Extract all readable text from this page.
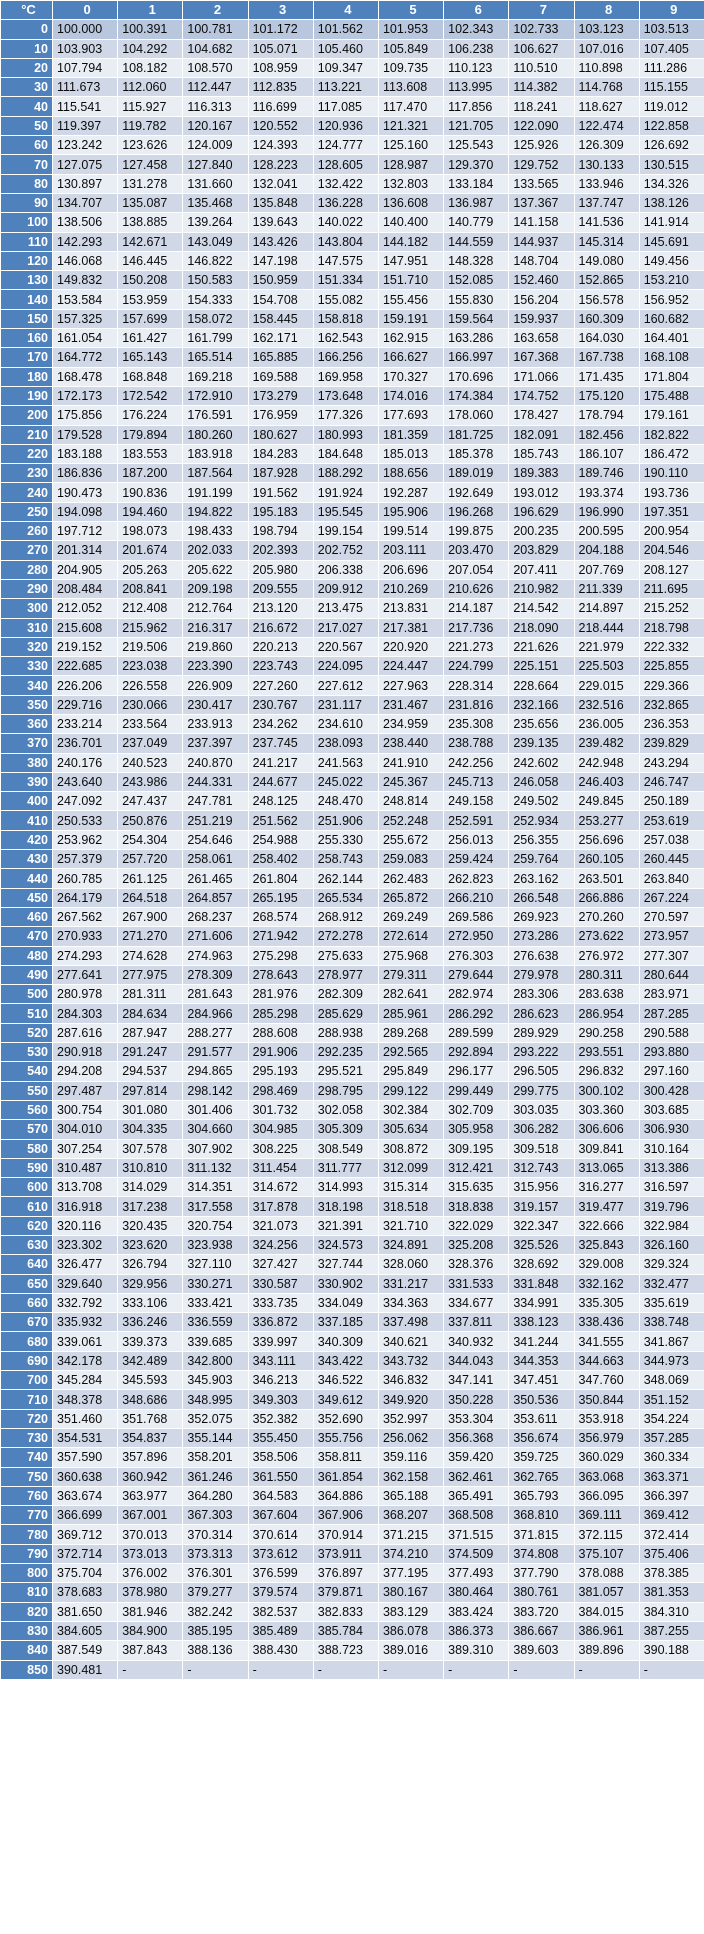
°C	0	1	2	3	4	5	6	7	8	9
0	100.000	100.391	100.781	101.172	101.562	101.953	102.343	102.733	103.123	103.513
10	103.903	104.292	104.682	105.071	105.460	105.849	106.238	106.627	107.016	107.405
20	107.794	108.182	108.570	108.959	109.347	109.735	110.123	110.510	110.898	111.286
30	111.673	112.060	112.447	112.835	113.221	113.608	113.995	114.382	114.768	115.155
40	115.541	115.927	116.313	116.699	117.085	117.470	117.856	118.241	118.627	119.012
50	119.397	119.782	120.167	120.552	120.936	121.321	121.705	122.090	122.474	122.858
60	123.242	123.626	124.009	124.393	124.777	125.160	125.543	125.926	126.309	126.692
70	127.075	127.458	127.840	128.223	128.605	128.987	129.370	129.752	130.133	130.515
80	130.897	131.278	131.660	132.041	132.422	132.803	133.184	133.565	133.946	134.326
90	134.707	135.087	135.468	135.848	136.228	136.608	136.987	137.367	137.747	138.126
100	138.506	138.885	139.264	139.643	140.022	140.400	140.779	141.158	141.536	141.914
110	142.293	142.671	143.049	143.426	143.804	144.182	144.559	144.937	145.314	145.691
120	146.068	146.445	146.822	147.198	147.575	147.951	148.328	148.704	149.080	149.456
130	149.832	150.208	150.583	150.959	151.334	151.710	152.085	152.460	152.865	153.210
140	153.584	153.959	154.333	154.708	155.082	155.456	155.830	156.204	156.578	156.952
150	157.325	157.699	158.072	158.445	158.818	159.191	159.564	159.937	160.309	160.682
160	161.054	161.427	161.799	162.171	162.543	162.915	163.286	163.658	164.030	164.401
170	164.772	165.143	165.514	165.885	166.256	166.627	166.997	167.368	167.738	168.108
180	168.478	168.848	169.218	169.588	169.958	170.327	170.696	171.066	171.435	171.804
190	172.173	172.542	172.910	173.279	173.648	174.016	174.384	174.752	175.120	175.488
200	175.856	176.224	176.591	176.959	177.326	177.693	178.060	178.427	178.794	179.161
210	179.528	179.894	180.260	180.627	180.993	181.359	181.725	182.091	182.456	182.822
220	183.188	183.553	183.918	184.283	184.648	185.013	185.378	185.743	186.107	186.472
230	186.836	187.200	187.564	187.928	188.292	188.656	189.019	189.383	189.746	190.110
240	190.473	190.836	191.199	191.562	191.924	192.287	192.649	193.012	193.374	193.736
250	194.098	194.460	194.822	195.183	195.545	195.906	196.268	196.629	196.990	197.351
260	197.712	198.073	198.433	198.794	199.154	199.514	199.875	200.235	200.595	200.954
270	201.314	201.674	202.033	202.393	202.752	203.111	203.470	203.829	204.188	204.546
280	204.905	205.263	205.622	205.980	206.338	206.696	207.054	207.411	207.769	208.127
290	208.484	208.841	209.198	209.555	209.912	210.269	210.626	210.982	211.339	211.695
300	212.052	212.408	212.764	213.120	213.475	213.831	214.187	214.542	214.897	215.252
310	215.608	215.962	216.317	216.672	217.027	217.381	217.736	218.090	218.444	218.798
320	219.152	219.506	219.860	220.213	220.567	220.920	221.273	221.626	221.979	222.332
330	222.685	223.038	223.390	223.743	224.095	224.447	224.799	225.151	225.503	225.855
340	226.206	226.558	226.909	227.260	227.612	227.963	228.314	228.664	229.015	229.366
350	229.716	230.066	230.417	230.767	231.117	231.467	231.816	232.166	232.516	232.865
360	233.214	233.564	233.913	234.262	234.610	234.959	235.308	235.656	236.005	236.353
370	236.701	237.049	237.397	237.745	238.093	238.440	238.788	239.135	239.482	239.829
380	240.176	240.523	240.870	241.217	241.563	241.910	242.256	242.602	242.948	243.294
390	243.640	243.986	244.331	244.677	245.022	245.367	245.713	246.058	246.403	246.747
400	247.092	247.437	247.781	248.125	248.470	248.814	249.158	249.502	249.845	250.189
410	250.533	250.876	251.219	251.562	251.906	252.248	252.591	252.934	253.277	253.619
420	253.962	254.304	254.646	254.988	255.330	255.672	256.013	256.355	256.696	257.038
430	257.379	257.720	258.061	258.402	258.743	259.083	259.424	259.764	260.105	260.445
440	260.785	261.125	261.465	261.804	262.144	262.483	262.823	263.162	263.501	263.840
450	264.179	264.518	264.857	265.195	265.534	265.872	266.210	266.548	266.886	267.224
460	267.562	267.900	268.237	268.574	268.912	269.249	269.586	269.923	270.260	270.597
470	270.933	271.270	271.606	271.942	272.278	272.614	272.950	273.286	273.622	273.957
480	274.293	274.628	274.963	275.298	275.633	275.968	276.303	276.638	276.972	277.307
490	277.641	277.975	278.309	278.643	278.977	279.311	279.644	279.978	280.311	280.644
500	280.978	281.311	281.643	281.976	282.309	282.641	282.974	283.306	283.638	283.971
510	284.303	284.634	284.966	285.298	285.629	285.961	286.292	286.623	286.954	287.285
520	287.616	287.947	288.277	288.608	288.938	289.268	289.599	289.929	290.258	290.588
530	290.918	291.247	291.577	291.906	292.235	292.565	292.894	293.222	293.551	293.880
540	294.208	294.537	294.865	295.193	295.521	295.849	296.177	296.505	296.832	297.160
550	297.487	297.814	298.142	298.469	298.795	299.122	299.449	299.775	300.102	300.428
560	300.754	301.080	301.406	301.732	302.058	302.384	302.709	303.035	303.360	303.685
570	304.010	304.335	304.660	304.985	305.309	305.634	305.958	306.282	306.606	306.930
580	307.254	307.578	307.902	308.225	308.549	308.872	309.195	309.518	309.841	310.164
590	310.487	310.810	311.132	311.454	311.777	312.099	312.421	312.743	313.065	313.386
600	313.708	314.029	314.351	314.672	314.993	315.314	315.635	315.956	316.277	316.597
610	316.918	317.238	317.558	317.878	318.198	318.518	318.838	319.157	319.477	319.796
620	320.116	320.435	320.754	321.073	321.391	321.710	322.029	322.347	322.666	322.984
630	323.302	323.620	323.938	324.256	324.573	324.891	325.208	325.526	325.843	326.160
640	326.477	326.794	327.110	327.427	327.744	328.060	328.376	328.692	329.008	329.324
650	329.640	329.956	330.271	330.587	330.902	331.217	331.533	331.848	332.162	332.477
660	332.792	333.106	333.421	333.735	334.049	334.363	334.677	334.991	335.305	335.619
670	335.932	336.246	336.559	336.872	337.185	337.498	337.811	338.123	338.436	338.748
680	339.061	339.373	339.685	339.997	340.309	340.621	340.932	341.244	341.555	341.867
690	342.178	342.489	342.800	343.111	343.422	343.732	344.043	344.353	344.663	344.973
700	345.284	345.593	345.903	346.213	346.522	346.832	347.141	347.451	347.760	348.069
710	348.378	348.686	348.995	349.303	349.612	349.920	350.228	350.536	350.844	351.152
720	351.460	351.768	352.075	352.382	352.690	352.997	353.304	353.611	353.918	354.224
730	354.531	354.837	355.144	355.450	355.756	256.062	356.368	356.674	356.979	357.285
740	357.590	357.896	358.201	358.506	358.811	359.116	359.420	359.725	360.029	360.334
750	360.638	360.942	361.246	361.550	361.854	362.158	362.461	362.765	363.068	363.371
760	363.674	363.977	364.280	364.583	364.886	365.188	365.491	365.793	366.095	366.397
770	366.699	367.001	367.303	367.604	367.906	368.207	368.508	368.810	369.111	369.412
780	369.712	370.013	370.314	370.614	370.914	371.215	371.515	371.815	372.115	372.414
790	372.714	373.013	373.313	373.612	373.911	374.210	374.509	374.808	375.107	375.406
800	375.704	376.002	376.301	376.599	376.897	377.195	377.493	377.790	378.088	378.385
810	378.683	378.980	379.277	379.574	379.871	380.167	380.464	380.761	381.057	381.353
820	381.650	381.946	382.242	382.537	382.833	383.129	383.424	383.720	384.015	384.310
830	384.605	384.900	385.195	385.489	385.784	386.078	386.373	386.667	386.961	387.255
840	387.549	387.843	388.136	388.430	388.723	389.016	389.310	389.603	389.896	390.188
850	390.481	-	-	-	-	-	-	-	-	-
